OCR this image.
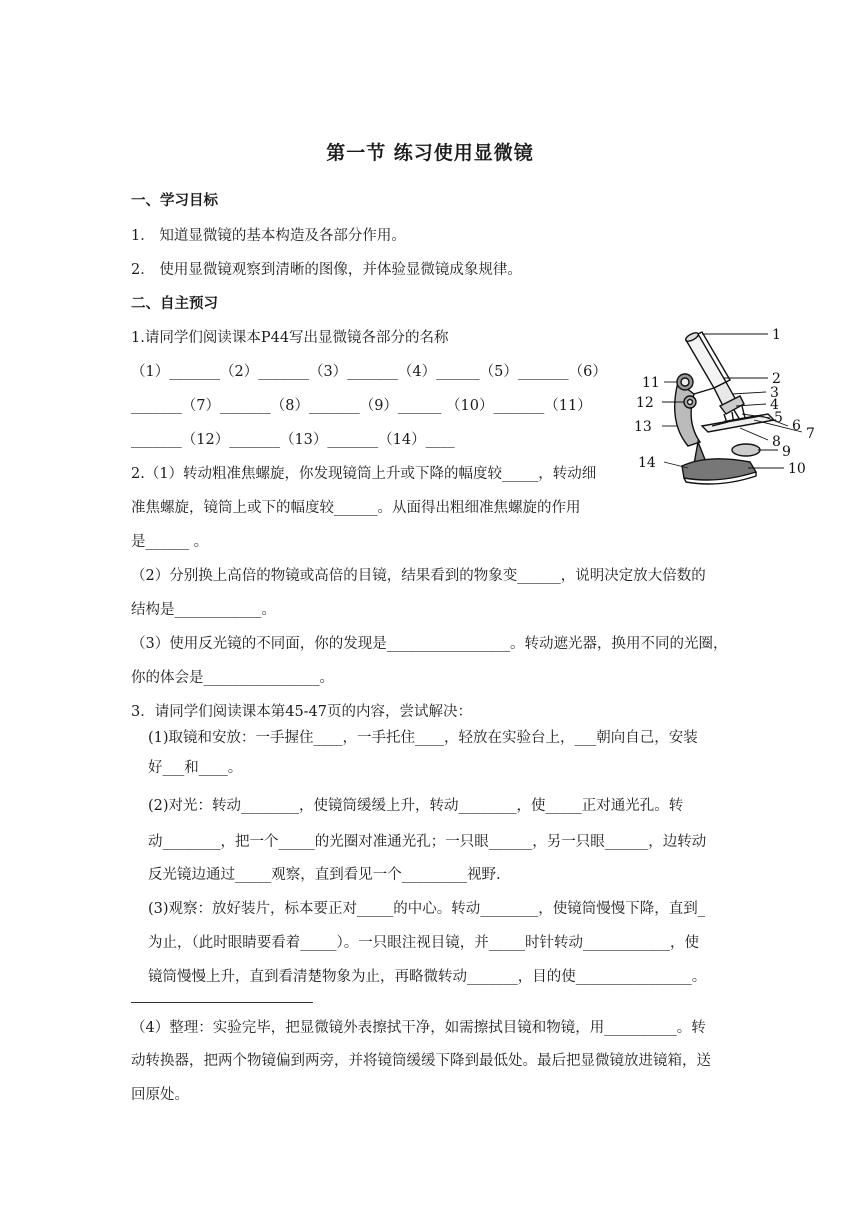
第一节 练习使用显微镜
一、学习目标
1． 知道显微镜的基本构造及各部分作用。
2． 使用显微镜观察到清晰的图像，并体验显微镜成象规律。
二、自主预习
1.请同学们阅读课本P44写出显微镜各部分的名称
（1）_______（2）_______（3）_______（4）______（5）_______（6）
_______（7）_______（8）_______（9）______ （10）_______（11）
_______（12）_______（13）_______（14）____
2.（1）转动粗准焦螺旋，你发现镜筒上升或下降的幅度较_____，转动细
准焦螺旋，镜筒上或下的幅度较______。从面得出粗细准焦螺旋的作用
是______ 。
（2）分别换上高倍的物镜或高倍的目镜，结果看到的物象变______，说明决定放大倍数的
结构是____________。
（3）使用反光镜的不同面，你的发现是_________________。转动遮光器，换用不同的光圈，
你的体会是________________。
3．请同学们阅读课本第45-47页的内容，尝试解决：
(1)取镜和安放：一手握住____，一手托住____，轻放在实验台上，___朝向自己，安装
好___和____。
(2)对光：转动________，使镜筒缓缓上升，转动________，使_____正对通光孔。转
动________，把一个_____的光圈对准通光孔；一只眼______，另一只眼______，边转动
反光镜边通过_____观察，直到看见一个_________视野.
(3)观察：放好装片，标本要正对_____的中心。转动________，使镜筒慢慢下降，直到_
为止，（此时眼睛要看着_____）。一只眼注视目镜，并_____时针转动____________，使
镜筒慢慢上升，直到看清楚物象为止，再略微转动_______，目的使________________。
（4）整理：实验完毕，把显微镜外表擦拭干净，如需擦拭目镜和物镜，用__________。转
动转换器，把两个物镜偏到两旁，并将镜筒缓缓下降到最低处。最后把显微镜放进镜箱，送
回原处。
1
2
3
4
5 6 7
8
9
10
11
12
13
14
